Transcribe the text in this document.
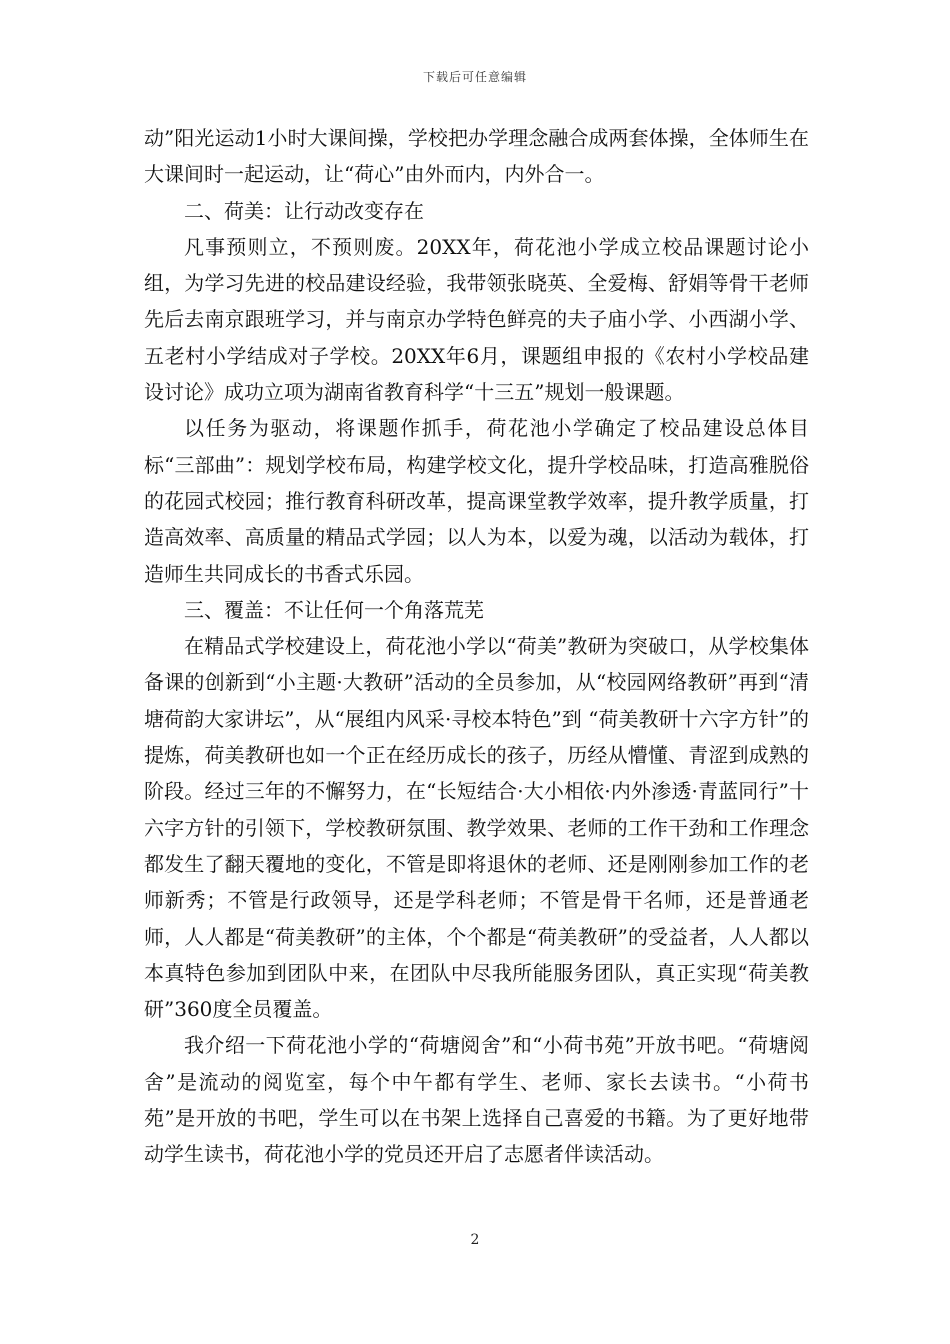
下载后可任意编辑

动”阳光运动1小时大课间操，学校把办学理念融合成两套体操，全体师生在大课间时一起运动，让“荷心”由外而内，内外合一。

二、荷美：让行动改变存在

凡事预则立，不预则废。20XX年，荷花池小学成立校品课题讨论小组，为学习先进的校品建设经验，我带领张晓英、全爱梅、舒娟等骨干老师先后去南京跟班学习，并与南京办学特色鲜亮的夫子庙小学、小西湖小学、五老村小学结成对子学校。20XX年6月，课题组申报的《农村小学校品建设讨论》成功立项为湖南省教育科学“十三五”规划一般课题。

以任务为驱动，将课题作抓手，荷花池小学确定了校品建设总体目标“三部曲”：规划学校布局，构建学校文化，提升学校品味，打造高雅脱俗的花园式校园；推行教育科研改革，提高课堂教学效率，提升教学质量，打造高效率、高质量的精品式学园；以人为本，以爱为魂，以活动为载体，打造师生共同成长的书香式乐园。

三、覆盖：不让任何一个角落荒芜

在精品式学校建设上，荷花池小学以“荷美”教研为突破口，从学校集体备课的创新到“小主题·大教研”活动的全员参加，从“校园网络教研”再到“清塘荷韵大家讲坛”，从“展组内风采·寻校本特色”到 “荷美教研十六字方针”的提炼，荷美教研也如一个正在经历成长的孩子，历经从懵懂、青涩到成熟的阶段。经过三年的不懈努力，在“长短结合·大小相依·内外渗透·青蓝同行”十六字方针的引领下，学校教研氛围、教学效果、老师的工作干劲和工作理念都发生了翻天覆地的变化，不管是即将退休的老师、还是刚刚参加工作的老师新秀；不管是行政领导，还是学科老师；不管是骨干名师，还是普通老师，人人都是“荷美教研”的主体，个个都是“荷美教研”的受益者，人人都以本真特色参加到团队中来，在团队中尽我所能服务团队，真正实现“荷美教研”360度全员覆盖。

我介绍一下荷花池小学的“荷塘阅舍”和“小荷书苑”开放书吧。“荷塘阅舍”是流动的阅览室，每个中午都有学生、老师、家长去读书。“小荷书苑”是开放的书吧，学生可以在书架上选择自己喜爱的书籍。为了更好地带动学生读书，荷花池小学的党员还开启了志愿者伴读活动。

2
